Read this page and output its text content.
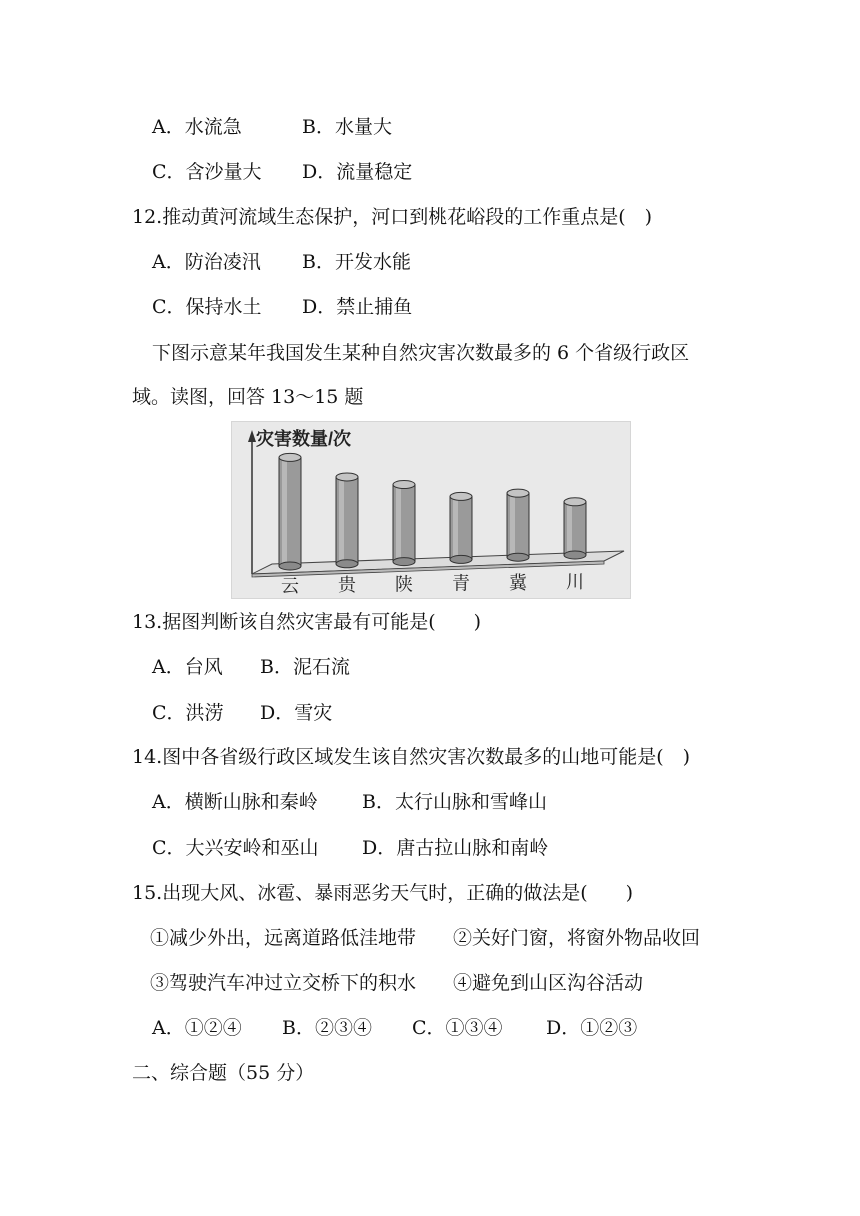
A．水流急	B．水量大
C．含沙量大 D．流量稳定
12.推动黄河流域生态保护，河口到桃花峪段的工作重点是(　)
A．防治凌汛 B．开发水能
C．保持水土 D．禁止捕鱼
下图示意某年我国发生某种自然灾害次数最多的 6 个省级行政区
域。读图，回答 13～15 题
灾害数量/次
云 贵 陕 青 冀 川
13.据图判断该自然灾害最有可能是(　　)
A．台风 B．泥石流
C．洪涝 D．雪灾
14.图中各省级行政区域发生该自然灾害次数最多的山地可能是(　)
A．横断山脉和秦岭 B．太行山脉和雪峰山
C．大兴安岭和巫山 D．唐古拉山脉和南岭
15.出现大风、冰雹、暴雨恶劣天气时，正确的做法是(　　)
①减少外出，远离道路低洼地带 ②关好门窗，将窗外物品收回
③驾驶汽车冲过立交桥下的积水 ④避免到山区沟谷活动
A．①②④ B．②③④ C．①③④ D．①②③
二、综合题（55 分）
